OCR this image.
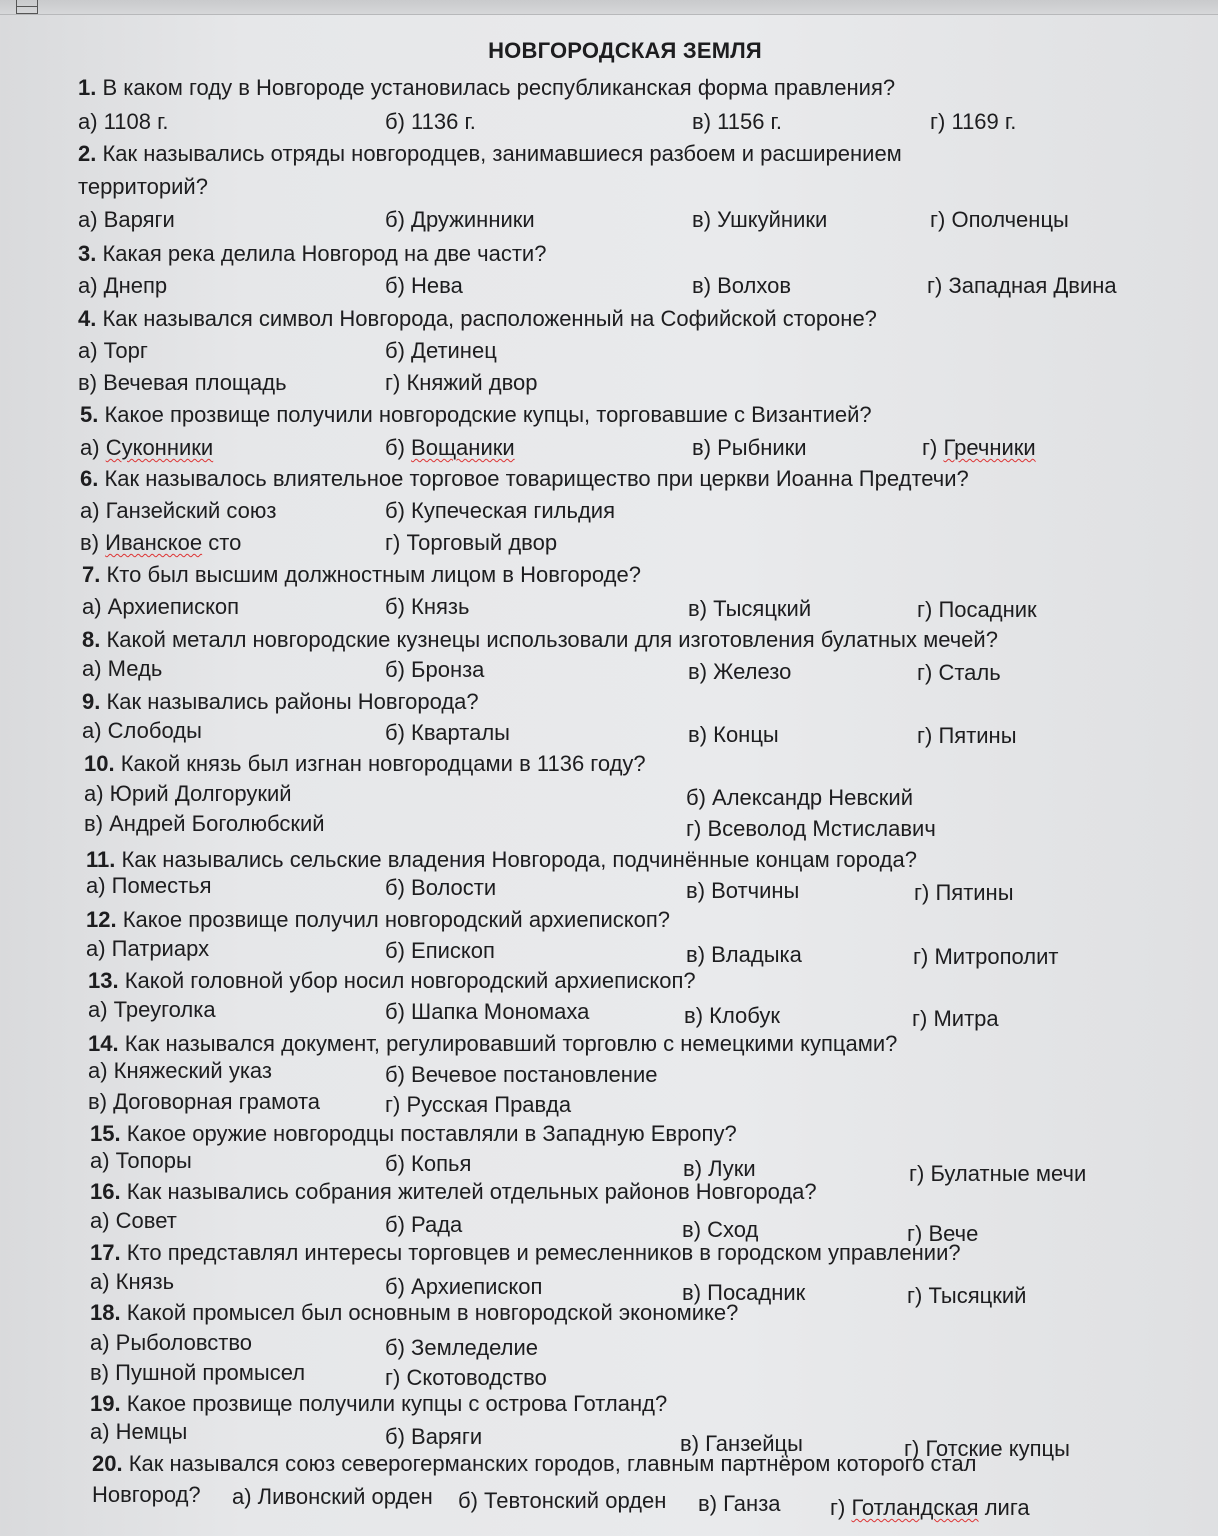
НОВГОРОДСКАЯ ЗЕМЛЯ
1. В каком году в Новгороде установилась республиканская форма правления?
а) 1108 г.	б) 1136 г.	в) 1156 г.	г) 1169 г.
2. Как назывались отряды новгородцев, занимавшиеся разбоем и расширением
территорий?
а) Варяги	б) Дружинники	в) Ушкуйники	г) Ополченцы
3. Какая река делила Новгород на две части?
а) Днепр	б) Нева	в) Волхов	г) Западная Двина
4. Как назывался символ Новгорода, расположенный на Софийской стороне?
а) Торг	б) Детинец
в) Вечевая площадь	г) Княжий двор
5. Какое прозвище получили новгородские купцы, торговавшие с Византией?
а) Суконники	б) Вощаники	в) Рыбники	г) Гречники
6. Как называлось влиятельное торговое товарищество при церкви Иоанна Предтечи?
а) Ганзейский союз	б) Купеческая гильдия
в) Иванское сто	г) Торговый двор
7. Кто был высшим должностным лицом в Новгороде?
а) Архиепископ	б) Князь	в) Тысяцкий	г) Посадник
8. Какой металл новгородские кузнецы использовали для изготовления булатных мечей?
а) Медь	б) Бронза	в) Железо	г) Сталь
9. Как назывались районы Новгорода?
а) Слободы	б) Кварталы	в) Концы	г) Пятины
10. Какой князь был изгнан новгородцами в 1136 году?
а) Юрий Долгорукий	б) Александр Невский
в) Андрей Боголюбский	г) Всеволод Мстиславич
11. Как назывались сельские владения Новгорода, подчинённые концам города?
а) Поместья	б) Волости	в) Вотчины	г) Пятины
12. Какое прозвище получил новгородский архиепископ?
а) Патриарх	б) Епископ	в) Владыка	г) Митрополит
13. Какой головной убор носил новгородский архиепископ?
а) Треуголка	б) Шапка Мономаха	в) Клобук	г) Митра
14. Как назывался документ, регулировавший торговлю с немецкими купцами?
а) Княжеский указ	б) Вечевое постановление
в) Договорная грамота	г) Русская Правда
15. Какое оружие новгородцы поставляли в Западную Европу?
а) Топоры	б) Копья	в) Луки	г) Булатные мечи
16. Как назывались собрания жителей отдельных районов Новгорода?
а) Совет	б) Рада	в) Сход	г) Вече
17. Кто представлял интересы торговцев и ремесленников в городском управлении?
а) Князь	б) Архиепископ	в) Посадник	г) Тысяцкий
18. Какой промысел был основным в новгородской экономике?
а) Рыболовство	б) Земледелие
в) Пушной промысел	г) Скотоводство
19. Какое прозвище получили купцы с острова Готланд?
а) Немцы	б) Варяги	в) Ганзейцы	г) Готские купцы
20. Как назывался союз северогерманских городов, главным партнёром которого стал
Новгород? а) Ливонский орден б) Тевтонский орден в) Ганза г) Готландская лига
